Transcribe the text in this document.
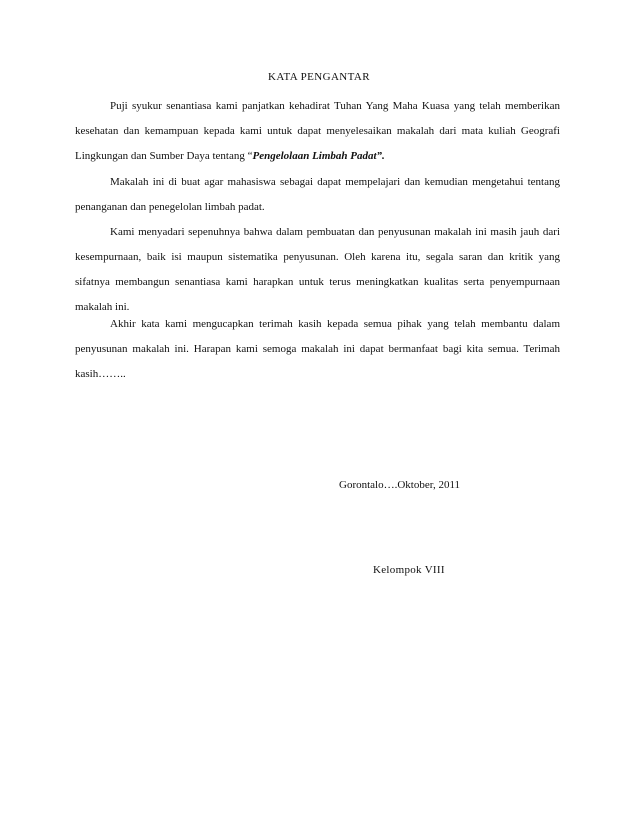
KATA PENGANTAR

Puji syukur senantiasa kami panjatkan kehadirat Tuhan Yang Maha Kuasa yang telah memberikan kesehatan dan kemampuan kepada kami untuk dapat menyelesaikan makalah dari mata kuliah Geografi Lingkungan dan Sumber Daya tentang “Pengelolaan Limbah Padat”.

Makalah ini di buat agar mahasiswa sebagai dapat mempelajari dan kemudian mengetahui tentang penanganan dan penegelolan limbah padat.

Kami menyadari sepenuhnya bahwa dalam pembuatan dan penyusunan makalah ini masih jauh dari kesempurnaan, baik isi maupun sistematika penyusunan. Oleh karena itu, segala saran dan kritik yang sifatnya membangun senantiasa kami harapkan untuk terus meningkatkan kualitas serta penyempurnaan makalah ini.

Akhir kata kami mengucapkan terimah kasih kepada semua pihak yang telah membantu dalam penyusunan makalah ini. Harapan kami semoga makalah ini dapat bermanfaat bagi kita semua. Terimah kasih……..

Gorontalo….Oktober, 2011
Kelompok VIII
